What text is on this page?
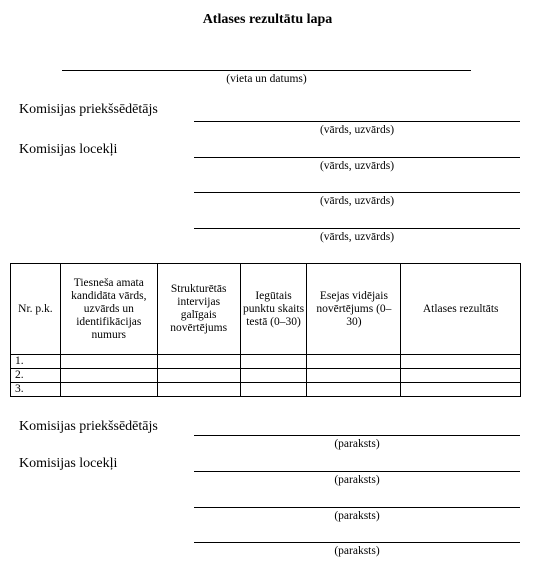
Atlases rezultātu lapa
(vieta un datums)
Komisijas priekšsēdētājs
Komisijas locekļi
(vārds, uzvārds)
(vārds, uzvārds)
(vārds, uzvārds)
(vārds, uzvārds)
Nr. p.k.	Tiesneša amata kandidāta vārds, uzvārds un identifikācijas numurs	Strukturētās intervijas galīgais novērtējums	Iegūtais punktu skaits testā (0–30)	Esejas vidējais novērtējums (0–30)	Atlases rezultāts
1.					
2.					
3.					
Komisijas priekšsēdētājs
Komisijas locekļi
(paraksts)
(paraksts)
(paraksts)
(paraksts)
